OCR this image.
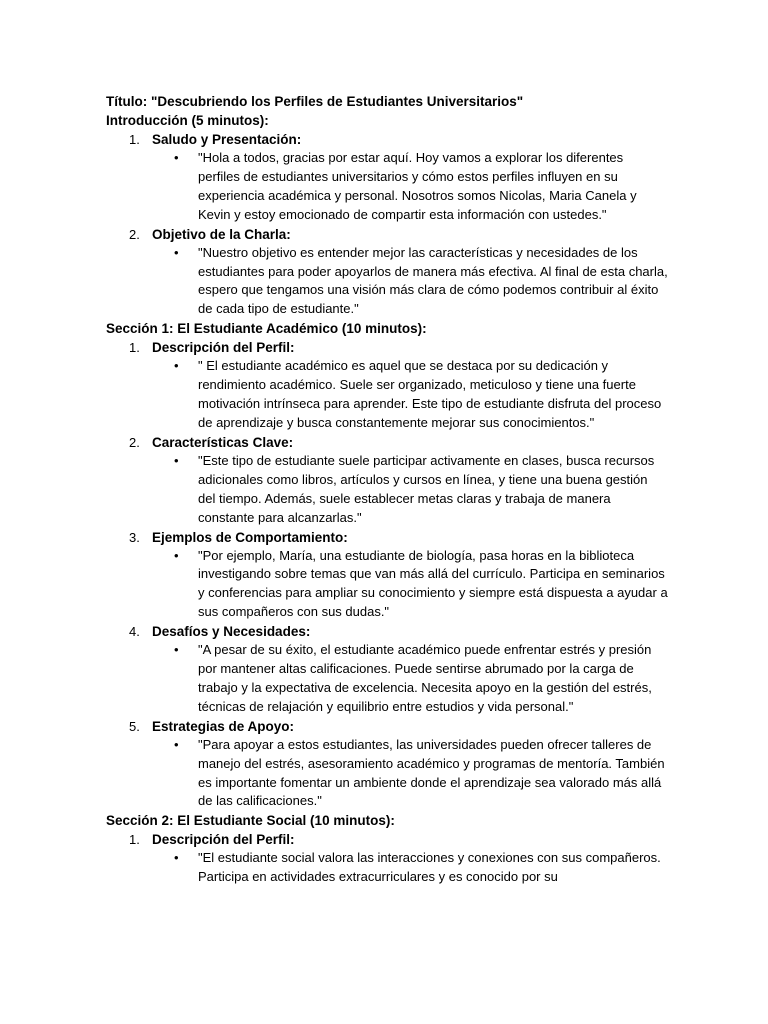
Título: "Descubriendo los Perfiles de Estudiantes Universitarios"
Introducción (5 minutos):
1. Saludo y Presentación:
• "Hola a todos, gracias por estar aquí. Hoy vamos a explorar los diferentes perfiles de estudiantes universitarios y cómo estos perfiles influyen en su experiencia académica y personal. Nosotros somos Nicolas, Maria Canela y Kevin y estoy emocionado de compartir esta información con ustedes."
2. Objetivo de la Charla:
• "Nuestro objetivo es entender mejor las características y necesidades de los estudiantes para poder apoyarlos de manera más efectiva. Al final de esta charla, espero que tengamos una visión más clara de cómo podemos contribuir al éxito de cada tipo de estudiante."
Sección 1: El Estudiante Académico (10 minutos):
1. Descripción del Perfil:
• " El estudiante académico es aquel que se destaca por su dedicación y rendimiento académico. Suele ser organizado, meticuloso y tiene una fuerte motivación intrínseca para aprender. Este tipo de estudiante disfruta del proceso de aprendizaje y busca constantemente mejorar sus conocimientos."
2. Características Clave:
• "Este tipo de estudiante suele participar activamente en clases, busca recursos adicionales como libros, artículos y cursos en línea, y tiene una buena gestión del tiempo. Además, suele establecer metas claras y trabaja de manera constante para alcanzarlas."
3. Ejemplos de Comportamiento:
• "Por ejemplo, María, una estudiante de biología, pasa horas en la biblioteca investigando sobre temas que van más allá del currículo. Participa en seminarios y conferencias para ampliar su conocimiento y siempre está dispuesta a ayudar a sus compañeros con sus dudas."
4. Desafíos y Necesidades:
• "A pesar de su éxito, el estudiante académico puede enfrentar estrés y presión por mantener altas calificaciones. Puede sentirse abrumado por la carga de trabajo y la expectativa de excelencia. Necesita apoyo en la gestión del estrés, técnicas de relajación y equilibrio entre estudios y vida personal."
5. Estrategias de Apoyo:
• "Para apoyar a estos estudiantes, las universidades pueden ofrecer talleres de manejo del estrés, asesoramiento académico y programas de mentoría. También es importante fomentar un ambiente donde el aprendizaje sea valorado más allá de las calificaciones."
Sección 2: El Estudiante Social (10 minutos):
1. Descripción del Perfil:
• "El estudiante social valora las interacciones y conexiones con sus compañeros. Participa en actividades extracurriculares y es conocido por su
